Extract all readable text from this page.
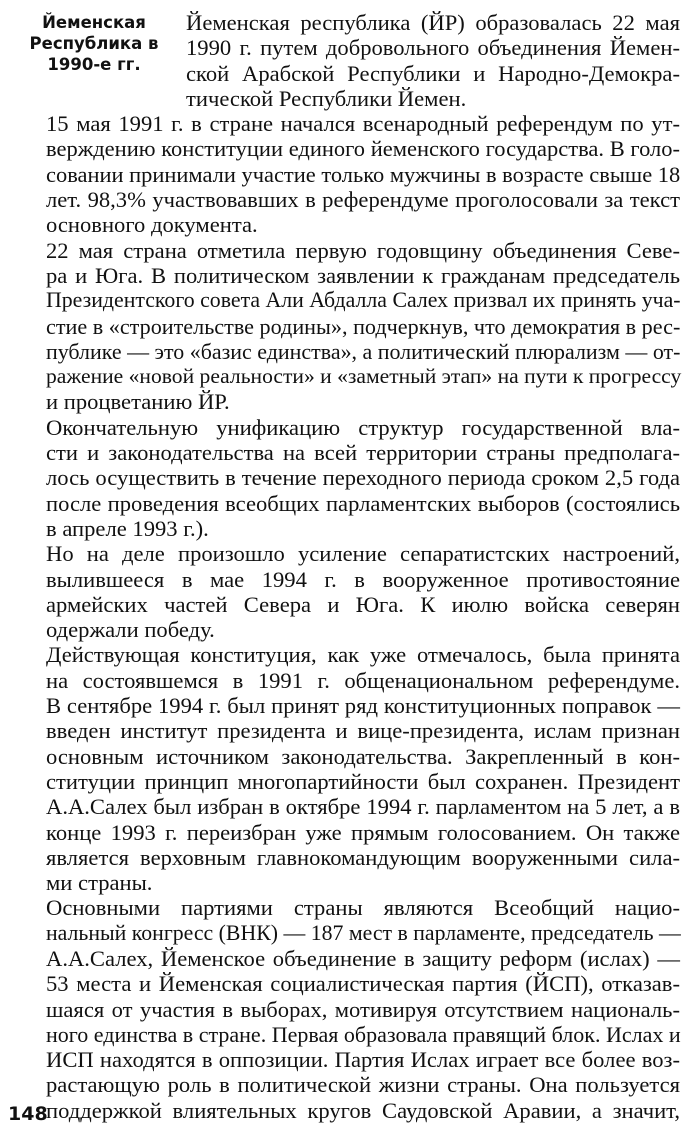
Йеменская
Республика в
1990-е гг.

Йеменская республика (ЙР) образовалась 22 мая
1990 г. путем добровольного объединения Йемен-
ской Арабской Республики и Народно-Демокра-
тической Республики Йемен.

15 мая 1991 г. в стране начался всенародный референдум по ут-
верждению конституции единого йеменского государства. В голо-
совании принимали участие только мужчины в возрасте свыше 18
лет. 98,3% участвовавших в референдуме проголосовали за текст
основного документа.

22 мая страна отметила первую годовщину объединения Севе-
ра и Юга. В политическом заявлении к гражданам председатель
Президентского совета Али Абдалла Салех призвал их принять уча-
стие в «строительстве родины», подчеркнув, что демократия в рес-
публике — это «базис единства», а политический плюрализм — от-
ражение «новой реальности» и «заметный этап» на пути к прогрессу
и процветанию ЙР.

Окончательную унификацию структур государственной вла-
сти и законодательства на всей территории страны предполага-
лось осуществить в течение переходного периода сроком 2,5 года
после проведения всеобщих парламентских выборов (состоялись
в апреле 1993 г.).

Но на деле произошло усиление сепаратистских настроений,
вылившееся в мае 1994 г. в вооруженное противостояние
армейских частей Севера и Юга. К июлю войска северян
одержали победу.

Действующая конституция, как уже отмечалось, была принята
на состоявшемся в 1991 г. общенациональном референдуме.
В сентябре 1994 г. был принят ряд конституционных поправок —
введен институт президента и вице-президента, ислам признан
основным источником законодательства. Закрепленный в кон-
ституции принцип многопартийности был сохранен. Президент
А.А.Салех был избран в октябре 1994 г. парламентом на 5 лет, а в
конце 1993 г. переизбран уже прямым голосованием. Он также
является верховным главнокомандующим вооруженными сила-
ми страны.

Основными партиями страны являются Всеобщий нацио-
нальный конгресс (ВНК) — 187 мест в парламенте, председатель —
А.А.Салех, Йеменское объединение в защиту реформ (ислах) —
53 места и Йеменская социалистическая партия (ЙСП), отказав-
шаяся от участия в выборах, мотивируя отсутствием националь-
ного единства в стране. Первая образовала правящий блок. Ислах и
ИСП находятся в оппозиции. Партия Ислах играет все более воз-
растающую роль в политической жизни страны. Она пользуется
поддержкой влиятельных кругов Саудовской Аравии, а значит,

148
